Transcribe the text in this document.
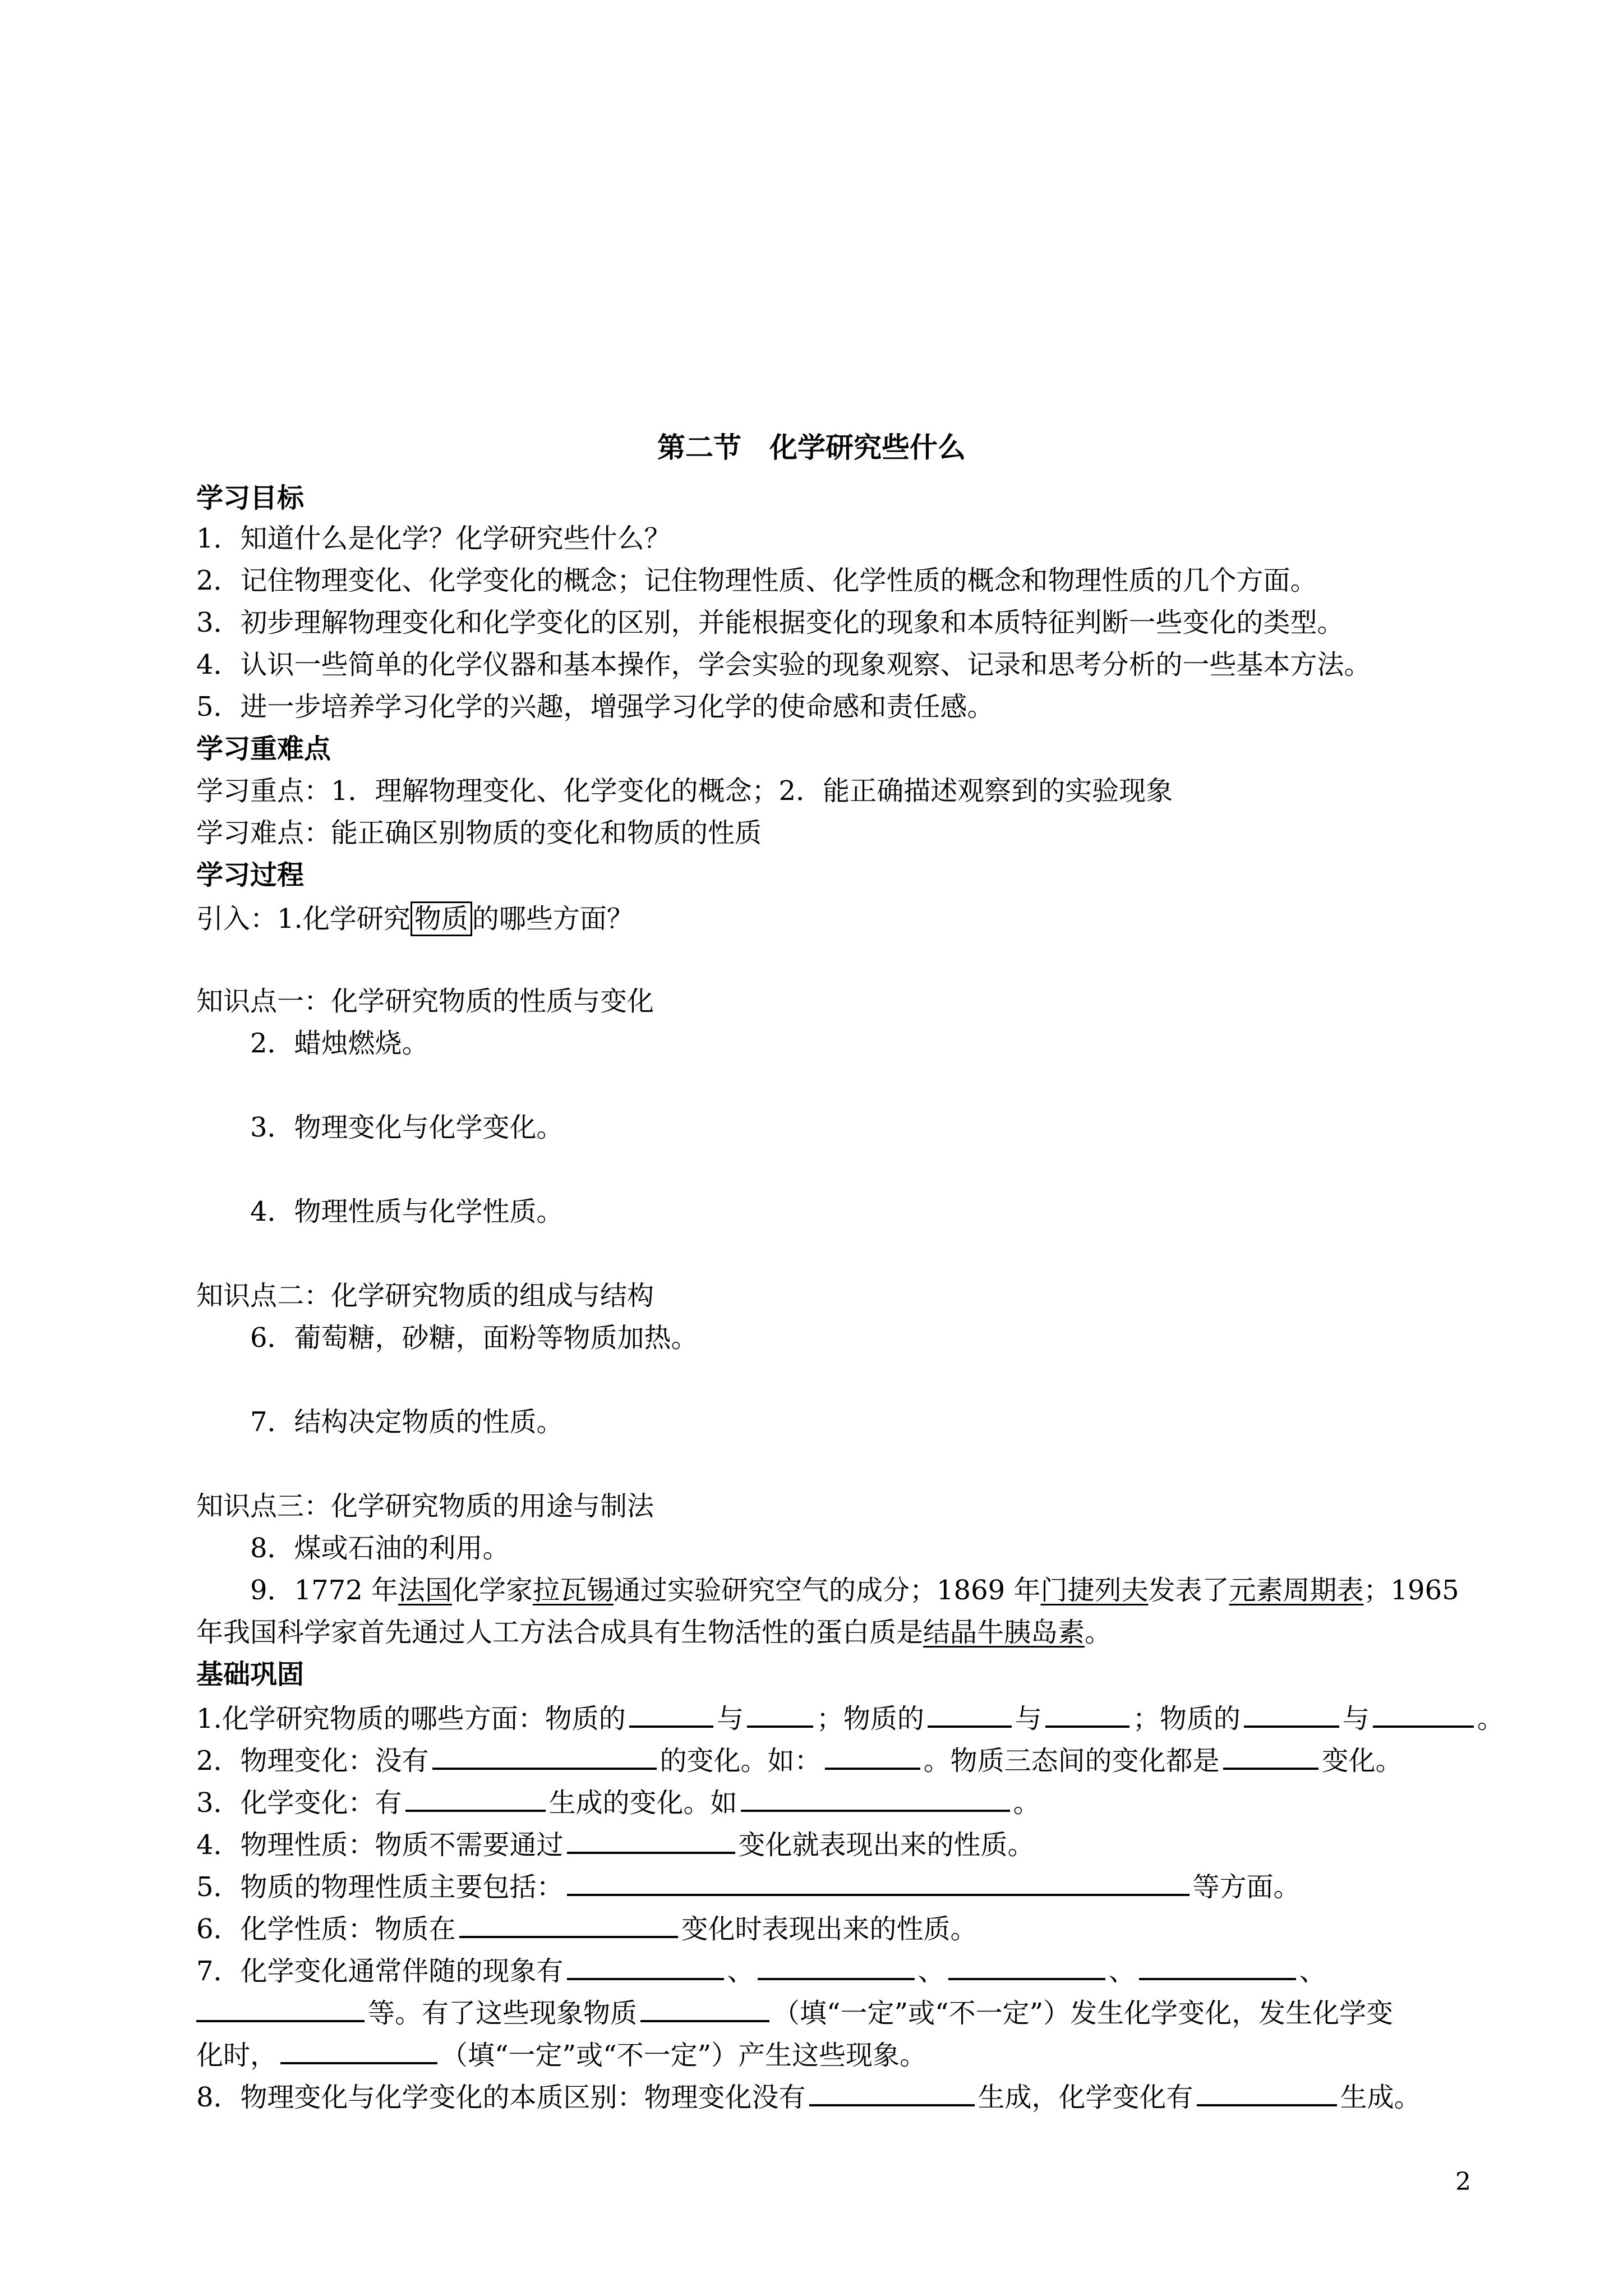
第二节　化学研究些什么
学习目标
1．知道什么是化学？化学研究些什么？
2．记住物理变化、化学变化的概念；记住物理性质、化学性质的概念和物理性质的几个方面。
3．初步理解物理变化和化学变化的区别，并能根据变化的现象和本质特征判断一些变化的类型。
4．认识一些简单的化学仪器和基本操作，学会实验的现象观察、记录和思考分析的一些基本方法。
5．进一步培养学习化学的兴趣，增强学习化学的使命感和责任感。
学习重难点
学习重点：1．理解物理变化、化学变化的概念；2．能正确描述观察到的实验现象
学习难点：能正确区别物质的变化和物质的性质
学习过程
引入：1.化学研究 物质 的哪些方面？
知识点一：化学研究物质的性质与变化
2．蜡烛燃烧。
3．物理变化与化学变化。
4．物理性质与化学性质。
知识点二：化学研究物质的组成与结构
6．葡萄糖，砂糖，面粉等物质加热。
7．结构决定物质的性质。
知识点三：化学研究物质的用途与制法
8．煤或石油的利用。
9．1772 年法国化学家拉瓦锡通过实验研究空气的成分；1869 年门捷列夫发表了元素周期表；1965
年我国科学家首先通过人工方法合成具有生物活性的蛋白质是结晶牛胰岛素。
基础巩固
1.化学研究物质的哪些方面：物质的	与	；物质的	与	；物质的	与	。
2．物理变化：没有	的变化。如：	。物质三态间的变化都是	变化。
3．化学变化：有	生成的变化。如	。
4．物理性质：物质不需要通过	变化就表现出来的性质。
5．物质的物理性质主要包括：	等方面。
6．化学性质：物质在	变化时表现出来的性质。
7．化学变化通常伴随的现象有	、	、	、	、
等。有了这些现象物质	（填“一定”或“不一定”）发生化学变化，发生化学变
化时，	（填“一定”或“不一定”）产生这些现象。
8．物理变化与化学变化的本质区别：物理变化没有	生成，化学变化有	生成。
2
